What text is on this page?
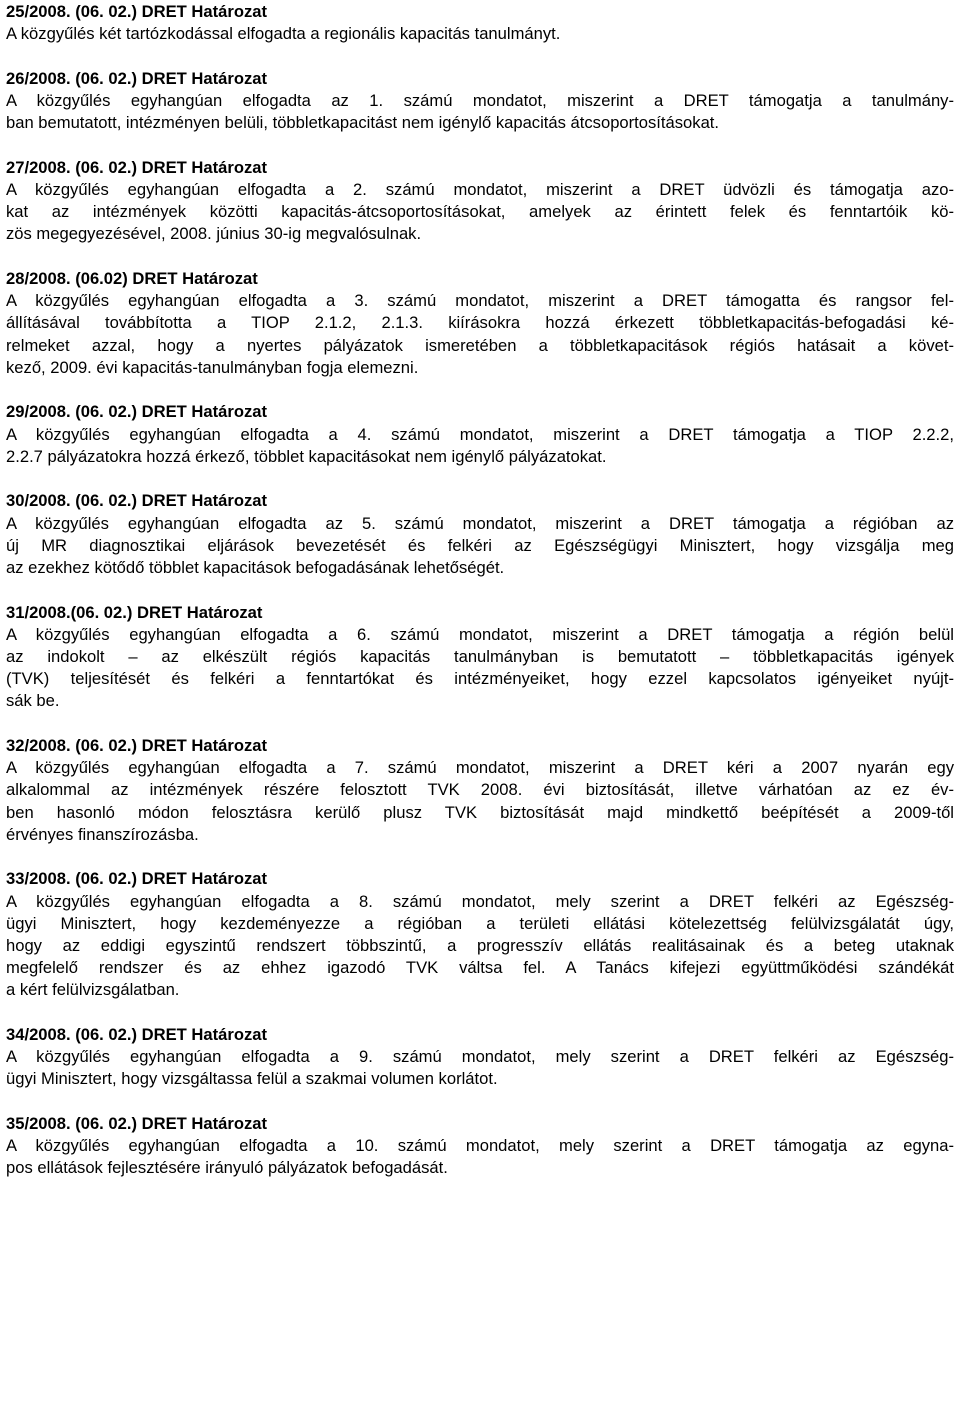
25/2008. (06. 02.) DRET Határozat

A közgyűlés két tartózkodással elfogadta a regionális kapacitás tanulmányt.

26/2008. (06. 02.) DRET Határozat

A közgyűlés egyhangúan elfogadta az 1. számú mondatot, miszerint a DRET támogatja a tanulmány-
ban bemutatott, intézményen belüli, többletkapacitást nem igénylő kapacitás átcsoportosításokat.

27/2008. (06. 02.) DRET Határozat

A közgyűlés egyhangúan elfogadta a 2. számú mondatot, miszerint a DRET üdvözli és támogatja azo-
kat az intézmények közötti kapacitás-átcsoportosításokat, amelyek az érintett felek és fenntartóik kö-
zös megegyezésével, 2008. június 30-ig megvalósulnak.

28/2008. (06.02) DRET Határozat

A közgyűlés egyhangúan elfogadta a 3. számú mondatot, miszerint a DRET támogatta és rangsor fel-
állításával továbbította a TIOP 2.1.2, 2.1.3. kiírásokra hozzá érkezett többletkapacitás-befogadási ké-
relmeket azzal, hogy a nyertes pályázatok ismeretében a többletkapacitások régiós hatásait a követ-
kező, 2009. évi kapacitás-tanulmányban fogja elemezni.

29/2008. (06. 02.) DRET Határozat

A közgyűlés egyhangúan elfogadta a 4. számú mondatot, miszerint a DRET támogatja a TIOP 2.2.2,
2.2.7 pályázatokra hozzá érkező, többlet kapacitásokat nem igénylő pályázatokat.

30/2008. (06. 02.) DRET Határozat

A közgyűlés egyhangúan elfogadta az 5. számú mondatot, miszerint a DRET támogatja a régióban az
új MR diagnosztikai eljárások bevezetését és felkéri az Egészségügyi Minisztert, hogy vizsgálja meg
az ezekhez kötődő többlet kapacitások befogadásának lehetőségét.

31/2008.(06. 02.) DRET Határozat

A közgyűlés egyhangúan elfogadta a 6. számú mondatot, miszerint a DRET támogatja a régión belül
az indokolt – az elkészült régiós kapacitás tanulmányban is bemutatott – többletkapacitás igények
(TVK) teljesítését és felkéri a fenntartókat és intézményeiket, hogy ezzel kapcsolatos igényeiket nyújt-
sák be.

32/2008. (06. 02.) DRET Határozat

A közgyűlés egyhangúan elfogadta a 7. számú mondatot, miszerint a DRET kéri a 2007 nyarán egy
alkalommal az intézmények részére felosztott TVK 2008. évi biztosítását, illetve várhatóan az ez év-
ben hasonló módon felosztásra kerülő plusz TVK biztosítását majd mindkettő beépítését a 2009-től
érvényes finanszírozásba.

33/2008. (06. 02.) DRET Határozat

A közgyűlés egyhangúan elfogadta a 8. számú mondatot, mely szerint a DRET felkéri az Egészség-
ügyi Minisztert, hogy kezdeményezze a régióban a területi ellátási kötelezettség felülvizsgálatát úgy,
hogy az eddigi egyszintű rendszert többszintű, a progresszív ellátás realitásainak és a beteg utaknak
megfelelő rendszer és az ehhez igazodó TVK váltsa fel. A Tanács kifejezi együttműködési szándékát
a kért felülvizsgálatban.

34/2008. (06. 02.) DRET Határozat

A közgyűlés egyhangúan elfogadta a 9. számú mondatot, mely szerint a DRET felkéri az Egészség-
ügyi Minisztert, hogy vizsgáltassa felül a szakmai volumen korlátot.

35/2008. (06. 02.) DRET Határozat

A közgyűlés egyhangúan elfogadta a 10. számú mondatot, mely szerint a DRET támogatja az egyna-
pos ellátások fejlesztésére irányuló pályázatok befogadását.
